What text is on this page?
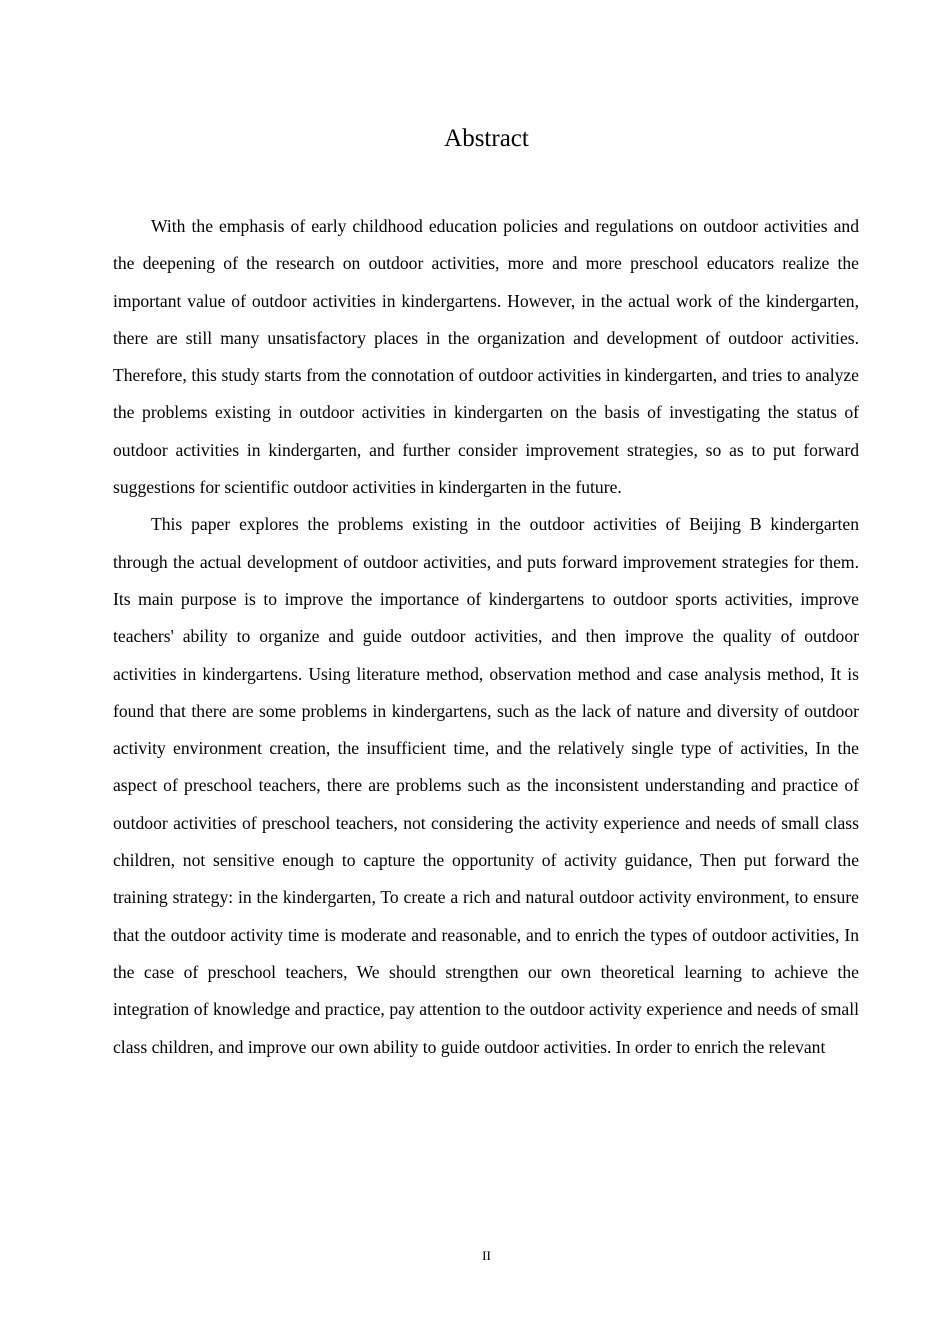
Abstract

With the emphasis of early childhood education policies and regulations on outdoor activities and the deepening of the research on outdoor activities, more and more preschool educators realize the important value of outdoor activities in kindergartens. However, in the actual work of the kindergarten, there are still many unsatisfactory places in the organization and development of outdoor activities. Therefore, this study starts from the connotation of outdoor activities in kindergarten, and tries to analyze the problems existing in outdoor activities in kindergarten on the basis of investigating the status of outdoor activities in kindergarten, and further consider improvement strategies, so as to put forward suggestions for scientific outdoor activities in kindergarten in the future.

This paper explores the problems existing in the outdoor activities of Beijing B kindergarten through the actual development of outdoor activities, and puts forward improvement strategies for them. Its main purpose is to improve the importance of kindergartens to outdoor sports activities, improve teachers' ability to organize and guide outdoor activities, and then improve the quality of outdoor activities in kindergartens. Using literature method, observation method and case analysis method, It is found that there are some problems in kindergartens, such as the lack of nature and diversity of outdoor activity environment creation, the insufficient time, and the relatively single type of activities, In the aspect of preschool teachers, there are problems such as the inconsistent understanding and practice of outdoor activities of preschool teachers, not considering the activity experience and needs of small class children, not sensitive enough to capture the opportunity of activity guidance, Then put forward the training strategy: in the kindergarten, To create a rich and natural outdoor activity environment, to ensure that the outdoor activity time is moderate and reasonable, and to enrich the types of outdoor activities, In the case of preschool teachers, We should strengthen our own theoretical learning to achieve the integration of knowledge and practice, pay attention to the outdoor activity experience and needs of small class children, and improve our own ability to guide outdoor activities. In order to enrich the relevant

II
